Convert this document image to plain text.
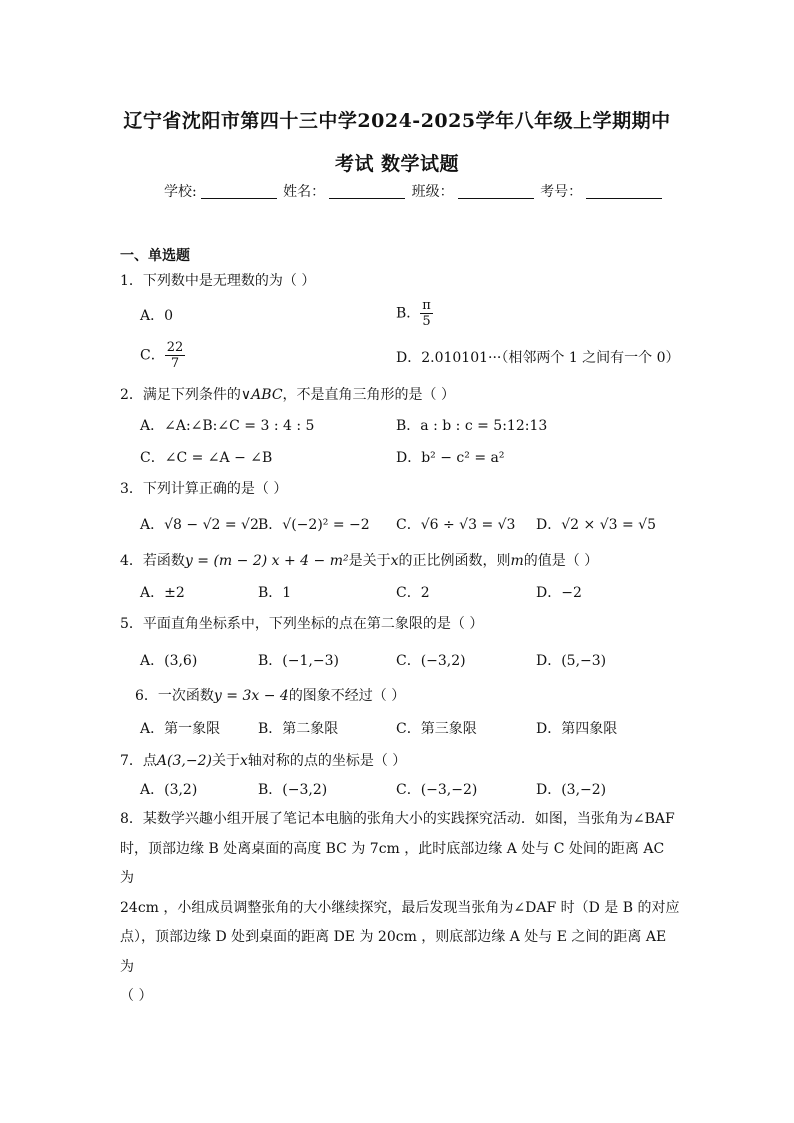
辽宁省沈阳市第四十三中学2024-2025学年八年级上学期期中
考试 数学试题
学校:	姓名：	班级：	考号：
一、单选题
1．下列数中是无理数的为（ ）
A．0	B． $\frac{\pi}{5}$
C． $\frac{22}{7}$	D．2.010101···（相邻两个 1 之间有一个 0）
2．满足下列条件的∨ABC，不是直角三角形的是（ ）
A．∠A:∠B:∠C = 3 : 4 : 5	B．a : b : c = 5:12:13
C．∠C = ∠A − ∠B	D．b² − c² = a²
3．下列计算正确的是（ ）
A．√8 − √2 = √2 B．√(−2)² = −2 C．√6 ÷ √3 = √3 D．√2 × √3 = √5
4．若函数y = (m − 2) x + 4 − m²是关于x的正比例函数，则m的值是（ ）
A．±2	B．1	C．2	D．−2
5．平面直角坐标系中，下列坐标的点在第二象限的是（ ）
A．(3,6)	B．(−1,−3)	C．(−3,2)	D．(5,−3)
6．一次函数y = 3x − 4的图象不经过（ ）
A．第一象限	B．第二象限	C．第三象限	D．第四象限
7．点A(3,−2)关于x轴对称的点的坐标是（ ）
A．(3,2)	B．(−3,2)	C．(−3,−2)	D．(3,−2)
8．某数学兴趣小组开展了笔记本电脑的张角大小的实践探究活动．如图，当张角为∠BAF
时，顶部边缘 B 处离桌面的高度 BC 为 7cm ，此时底部边缘 A 处与 C 处间的距离 AC 为
24cm ，小组成员调整张角的大小继续探究，最后发现当张角为∠DAF 时（D 是 B 的对应
点），顶部边缘 D 处到桌面的距离 DE 为 20cm ，则底部边缘 A 处与 E 之间的距离 AE 为
（ ）
